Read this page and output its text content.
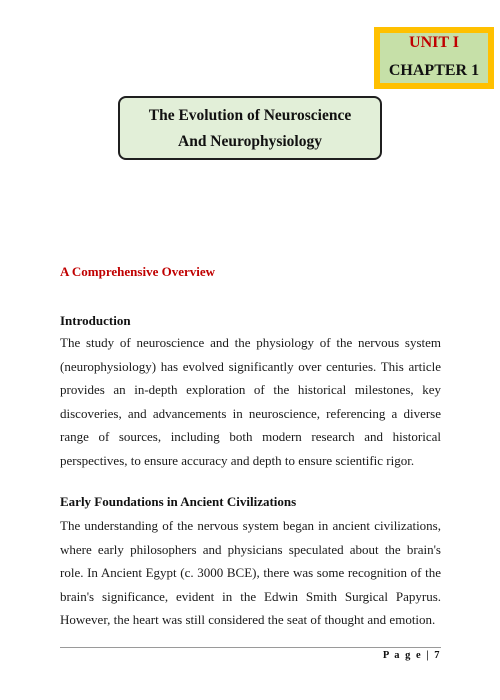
UNIT I
CHAPTER 1
The Evolution of Neuroscience
And Neurophysiology
A Comprehensive Overview
Introduction
The study of neuroscience and the physiology of the nervous system (neurophysiology) has evolved significantly over centuries. This article provides an in-depth exploration of the historical milestones, key discoveries, and advancements in neuroscience, referencing a diverse range of sources, including both modern research and historical perspectives, to ensure accuracy and depth to ensure scientific rigor.
Early Foundations in Ancient Civilizations
The understanding of the nervous system began in ancient civilizations, where early philosophers and physicians speculated about the brain's role. In Ancient Egypt (c. 3000 BCE), there was some recognition of the brain's significance, evident in the Edwin Smith Surgical Papyrus. However, the heart was still considered the seat of thought and emotion.
P a g e | 7
